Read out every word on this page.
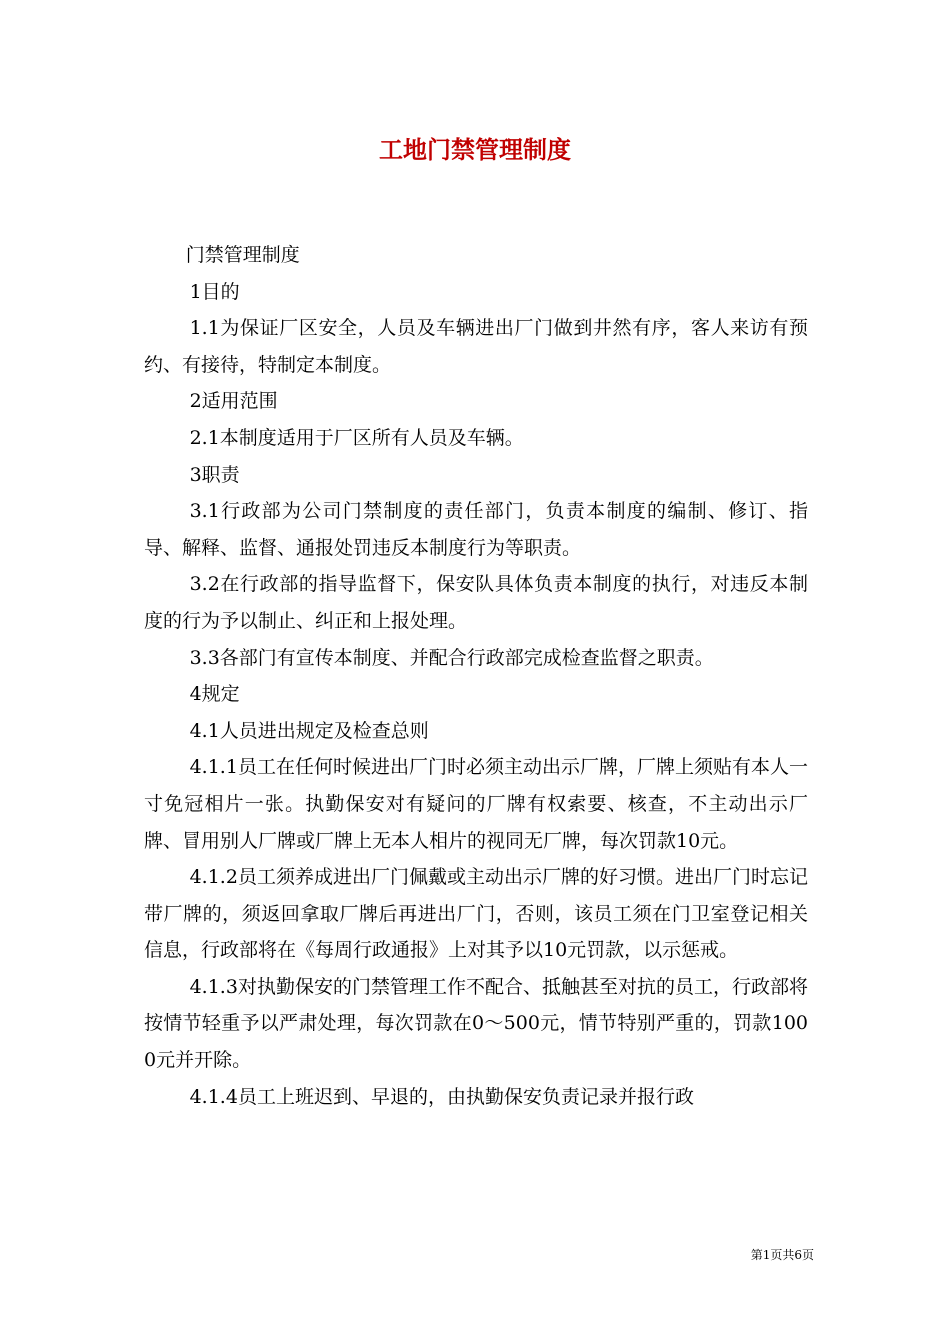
工地门禁管理制度

门禁管理制度

1目的

1.1为保证厂区安全，人员及车辆进出厂门做到井然有序，客人来访有预约、有接待，特制定本制度。

2适用范围

2.1本制度适用于厂区所有人员及车辆。

3职责

3.1行政部为公司门禁制度的责任部门，负责本制度的编制、修订、指导、解释、监督、通报处罚违反本制度行为等职责。

3.2在行政部的指导监督下，保安队具体负责本制度的执行，对违反本制度的行为予以制止、纠正和上报处理。

3.3各部门有宣传本制度、并配合行政部完成检查监督之职责。

4规定

4.1人员进出规定及检查总则

4.1.1员工在任何时候进出厂门时必须主动出示厂牌，厂牌上须贴有本人一寸免冠相片一张。执勤保安对有疑问的厂牌有权索要、核查，不主动出示厂牌、冒用别人厂牌或厂牌上无本人相片的视同无厂牌，每次罚款10元。

4.1.2员工须养成进出厂门佩戴或主动出示厂牌的好习惯。进出厂门时忘记带厂牌的，须返回拿取厂牌后再进出厂门，否则，该员工须在门卫室登记相关信息，行政部将在《每周行政通报》上对其予以10元罚款，以示惩戒。

4.1.3对执勤保安的门禁管理工作不配合、抵触甚至对抗的员工，行政部将按情节轻重予以严肃处理，每次罚款在0～500元，情节特别严重的，罚款1000元并开除。

4.1.4员工上班迟到、早退的，由执勤保安负责记录并报行政

第1页共6页
